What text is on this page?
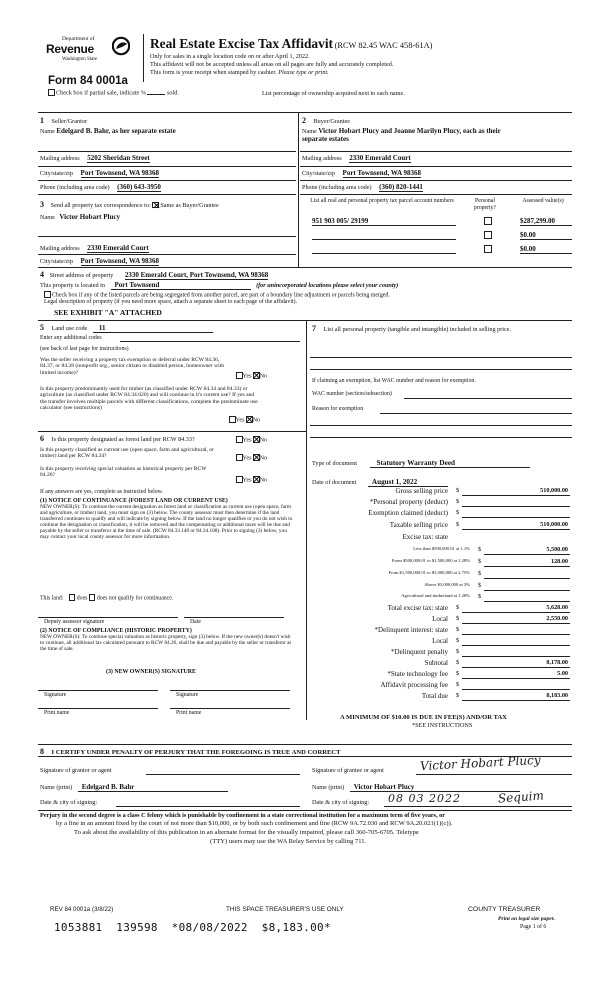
Department of
Revenue
Washington State
Form 84 0001a
Real Estate Excise Tax Affidavit (RCW 82.45 WAC 458-61A)
Only for sales in a single location code on or after April 1, 2022.
This affidavit will not be accepted unless all areas on all pages are fully and accurately completed.
This form is your receipt when stamped by cashier. Please type or print.
Check box if partial sale, indicate %	sold.	List percentage of ownership acquired next to each name.
1 Seller/Grantor
Name Edelgard B. Bahr, as her separate estate
Mailing address 5202 Sheridan Street
City/state/zip Port Townsend, WA 98368
Phone (including area code) (360) 643-3950
2 Buyer/Grantee
Name Victor Hobart Plucy and Joanne Marilyn Plucy, each as their
separate estates
Mailing address 2330 Emerald Court
City/state/zip Port Townsend, WA 98368
Phone (including area code) (360) 820-1441
3 Send all property tax correspondence to: Same as Buyer/Grantee
Name Victor Hobart Plucy
Mailing address 2330 Emerald Court
City/state/zip Port Townsend, WA 98368
List all real and personal property tax parcel account numbers	Personal property?
Assessed value(s)
951 903 005/ 29199	$287,299.00
$0.00
$0.00
4 Street address of property 2330 Emerald Court, Port Townsend, WA 98368
This property is located in Port Townsend	(for unincorporated locations please select your county)
Check box if any of the listed parcels are being segregated from another parcel, are part of a boundary line adjustment or parcels being merged.
Legal description of property (if you need more space, attach a separate sheet to each page of the affidavit).
SEE EXHIBIT "A" ATTACHED
5 Land use code 11
Enter any additional codes
(see back of last page for instructions)
Was the seller receiving a property tax exemption or deferral under RCW 84.36, 84.37, or 84.38 (nonprofit org., senior citizen or disabled person, homeowner with limited income)?	Yes No
Is this property predominantly used for timber (as classified under RCW 84.34 and 84.33) or agriculture (as classified under RCW 84.34.020) and will continue in it's current use? If yes and the transfer involves multiple parcels with different classifications, complete the predominate use calculator (see instructions)
Yes No
6 Is this property designated as forest land per RCW 84.33?	Yes No
Is this property classified as current use (open space, farm and agricultural, or timber) land per RCW 84.34?	Yes No
Is this property receiving special valuation as historical property per RCW 84.26?
Yes No
If any answers are yes, complete as instructed below.
(1) NOTICE OF CONTINUANCE (FOREST LAND OR CURRENT USE)
NEW OWNER(S): To continue the current designation as forest land or classification as current use (open space, farm and agriculture, or timber) land, you must sign on (3) below. The county assessor must then determine if the land transferred continues to qualify and will indicate by signing below. If the land no longer qualifies or you do not wish to continue the designation or classification, it will be removed and the compensating or additional taxes will be due and payable by the seller or transferor at the time of sale. (RCW 84.33.140 or 84.34.108). Prior to signing (3) below, you may contact your local county assessor for more information.
This land: does does not qualify for continuance.
Deputy assessor signature	Date
(2) NOTICE OF COMPLIANCE (HISTORIC PROPERTY)
NEW OWNER(S): To continue special valuation as historic property, sign (3) below. If the new owner(s) doesn't wish to continue, all additional tax calculated pursuant to RCW 84.26, shall be due and payable by the seller or transferor at the time of sale.
(3) NEW OWNER(S) SIGNATURE
Signature	Signature
Print name	Print name
7 List all personal property (tangible and intangible) included in selling price.
If claiming an exemption, list WAC number and reason for exemption.
WAC number (section/subsection)
Reason for exemption
Type of document	Statutory Warranty Deed
Date of document August 1, 2022
Gross selling price $	510,000.00
*Personal property (deduct) $
Exemption claimed (deduct) $
Taxable selling price $	510,000.00
Excise tax: state
Less than $500,000.01 at 1.1% $	5,500.00
From $500,000.01 to $1,500,000 at 1.28% $	128.00
From $1,500,000.01 to $3,000,000 at 2.75% $
Above $3,000,000 at 3% $
Agricultural and timberland at 1.28% $
Total excise tax: state $	5,628.00
Local $	2,550.00
*Delinquent interest: state $
Local $
*Delinquent penalty $
Subtotal $	8,178.00
*State technology fee $	5.00
Affidavit processing fee $
Total due $	8,183.00
A MINIMUM OF $10.00 IS DUE IN FEE(S) AND/OR TAX
*SEE INSTRUCTIONS
8 I CERTIFY UNDER PENALTY OF PERJURY THAT THE FOREGOING IS TRUE AND CORRECT
Signature of grantor or agent	Signature of grantee or agent	Victor Hobart Plucy
Name (print) Edelgard B. Bahr	Name (print) Victor Hobart Plucy
Date & city of signing:	Date & city of signing: 08 03 2022	Sequim
Perjury in the second degree is a class C felony which is punishable by confinement in a state correctional institution for a maximum term of five years, or
by a fine in an amount fixed by the court of not more than $10,000, or by both such confinement and fine (RCW 9A.72.030 and RCW 9A.20.021(1)(c)).
To ask about the availability of this publication in an alternate format for the visually impaired, please call 360-705-6705. Teletype
(TTY) users may use the WA Relay Service by calling 711.
REV 84 0001a (3/8/22)	THIS SPACE TREASURER'S USE ONLY	COUNTY TREASURER
Print on legal size paper.
Page 1 of 6
1053881  139598  *08/08/2022  $8,183.00*
